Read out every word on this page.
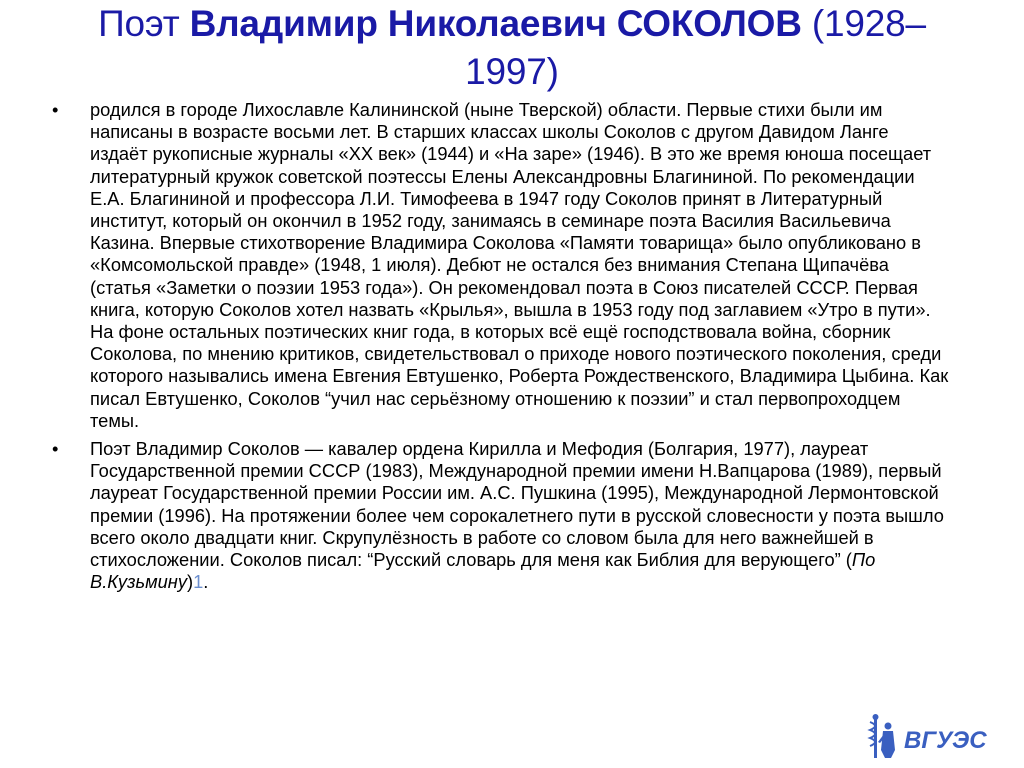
Поэт Владимир Николаевич СОКОЛОВ (1928–
1997)
• родился в городе Лихославле Калининской (ныне Тверской) области. Первые стихи были им написаны в возрасте восьми лет. В старших классах школы Соколов с другом Давидом Ланге издаёт рукописные журналы «XX век» (1944) и «На заре» (1946). В это же время юноша посещает литературный кружок советской поэтессы Елены Александровны Благининой. По рекомендации Е.А. Благининой и профессора Л.И. Тимофеева в 1947 году Соколов принят в Литературный институт, который он окончил в 1952 году, занимаясь в семинаре поэта Василия Васильевича Казина. Впервые стихотворение Владимира Соколова «Памяти товарища» было опубликовано в «Комсомольской правде» (1948, 1 июля). Дебют не остался без внимания Степана Щипачёва (статья «Заметки о поэзии 1953 года»). Он рекомендовал поэта в Союз писателей СССР. Первая книга, которую Соколов хотел назвать «Крылья», вышла в 1953 году под заглавием «Утро в пути». На фоне остальных поэтических книг года, в которых всё ещё господствовала война, сборник Соколова, по мнению критиков, свидетельствовал о приходе нового поэтического поколения, среди которого назывались имена Евгения Евтушенко, Роберта Рождественского, Владимира Цыбина. Как писал Евтушенко, Соколов “учил нас серьёзному отношению к поэзии” и стал первопроходцем темы.
• Поэт Владимир Соколов — кавалер ордена Кирилла и Мефодия (Болгария, 1977), лауреат Государственной премии СССР (1983), Международной премии имени Н.Вапцарова (1989), первый лауреат Государственной премии России им. А.С. Пушкина (1995), Международной Лермонтовской премии (1996). На протяжении более чем сорокалетнего пути в русской словесности у поэта вышло всего около двадцати книг. Скрупулёзность в работе со словом была для него важнейшей в стихосложении. Соколов писал: “Русский словарь для меня как Библия для верующего” (По В.Кузьмину)1.
ВГУЭС
